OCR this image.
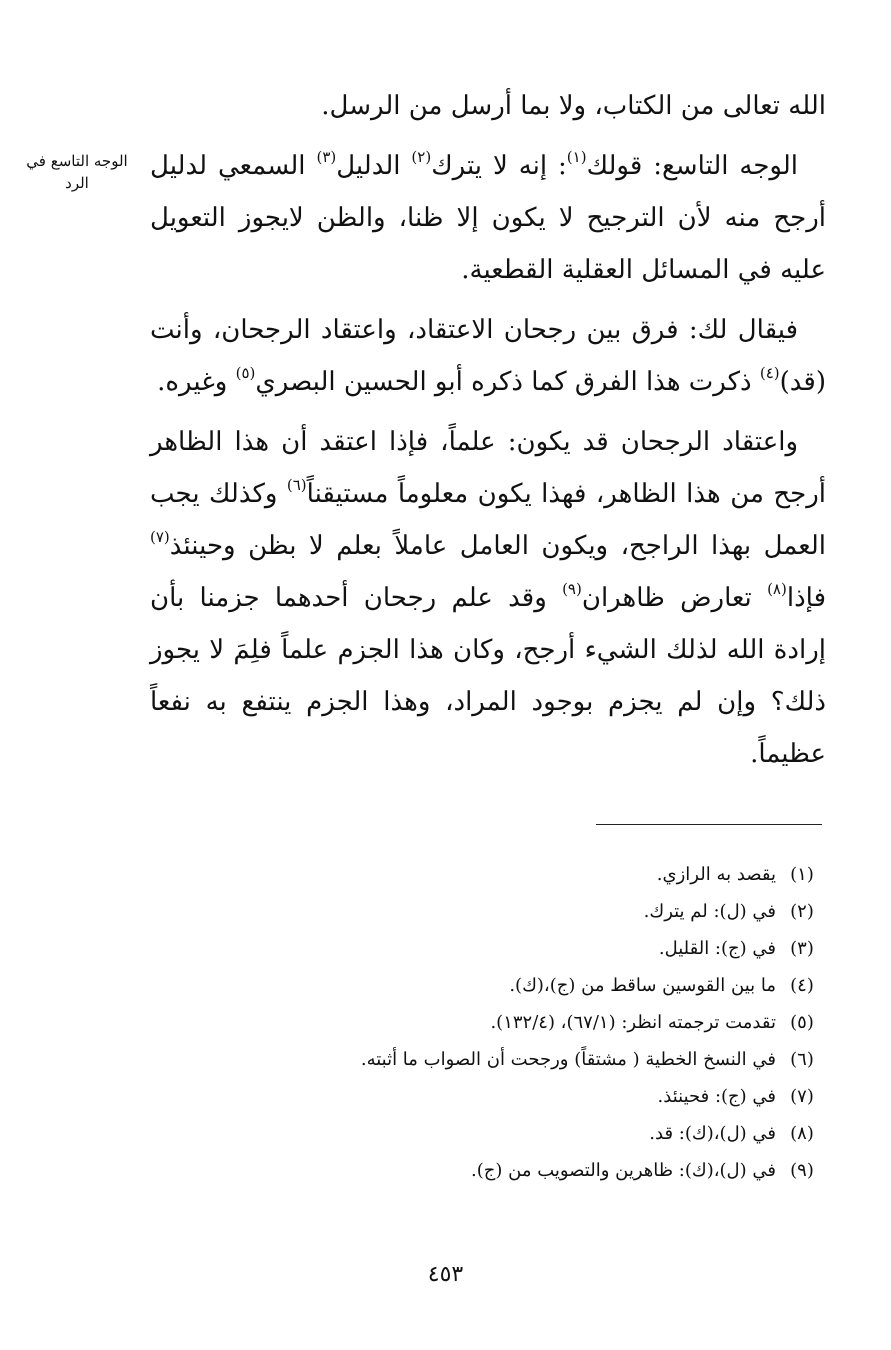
الوجه التاسع في الرد

الله تعالى من الكتاب، ولا بما أرسل من الرسل.

الوجه التاسع: قولك$^{(١)}$: إنه لا يترك$^{(٢)}$ الدليل$^{(٣)}$ السمعي لدليل أرجح منه لأن الترجيح لا يكون إلا ظنا، والظن لايجوز التعويل عليه في المسائل العقلية القطعية.

فيقال لك: فرق بين رجحان الاعتقاد، واعتقاد الرجحان، وأنت (قد)$^{(٤)}$ ذكرت هذا الفرق كما ذكره أبو الحسين البصري$^{(٥)}$ وغيره.

واعتقاد الرجحان قد يكون: علماً، فإذا اعتقد أن هذا الظاهر أرجح من هذا الظاهر، فهذا يكون معلوماً مستيقناً$^{(٦)}$ وكذلك يجب العمل بهذا الراجح، ويكون العامل عاملاً بعلم لا بظن وحينئذ$^{(٧)}$ فإذا$^{(٨)}$ تعارض ظاهران$^{(٩)}$ وقد علم رجحان أحدهما جزمنا بأن إرادة الله لذلك الشيء أرجح، وكان هذا الجزم علماً فلِمَ لا يجوز ذلك؟ وإن لم يجزم بوجود المراد، وهذا الجزم ينتفع به نفعاً عظيماً.

(١)
يقصد به الرازي.
(٢)
في (ل): لم يترك.
(٣)
في (ج): القليل.
(٤)
ما بين القوسين ساقط من (ج)،(ك).
(٥)
تقدمت ترجمته انظر: (٦٧/١)، (١٣٢/٤).
(٦)
في النسخ الخطية ( مشتقاً) ورجحت أن الصواب ما أثبته.
(٧)
في (ج): فحينئذ.
(٨)
في (ل)،(ك): قد.
(٩)
في (ل)،(ك): ظاهرين والتصويب من (ج).
٤٥٣
